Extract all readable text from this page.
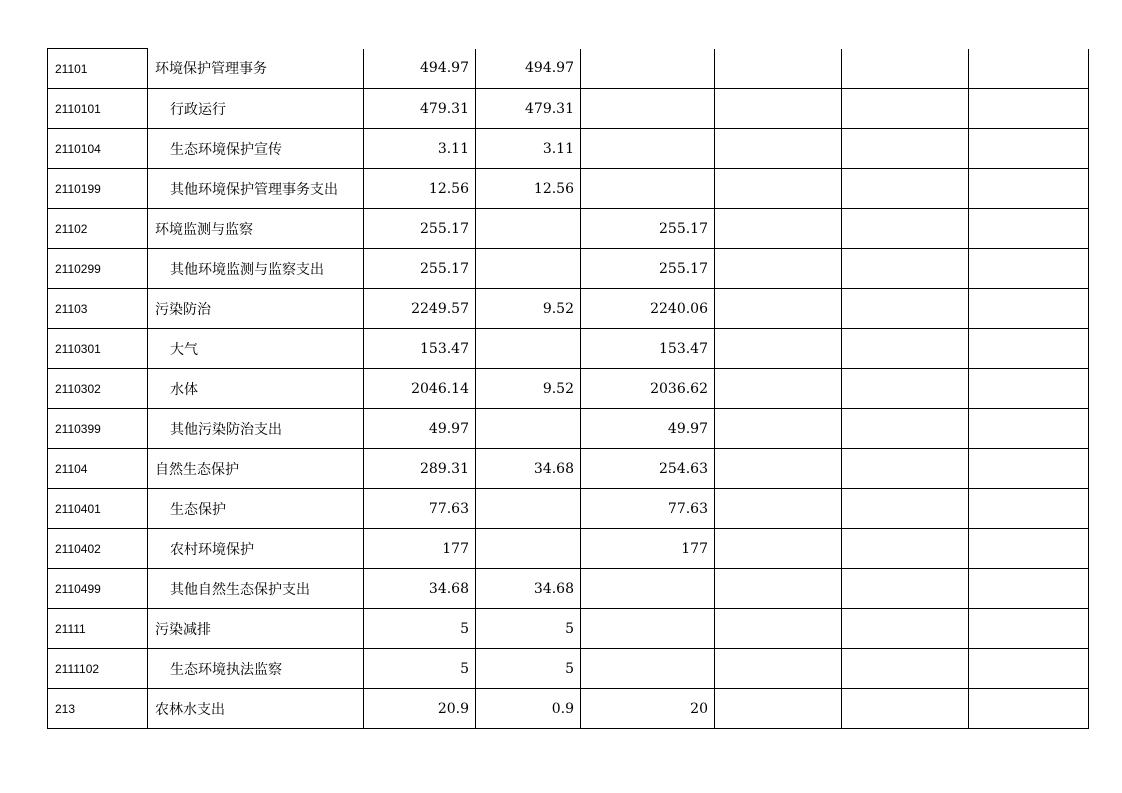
21101	环境保护管理事务	494.97	494.97				
2110101	行政运行	479.31	479.31				
2110104	生态环境保护宣传	3.11	3.11				
2110199	其他环境保护管理事务支出	12.56	12.56				
21102	环境监测与监察	255.17		255.17			
2110299	其他环境监测与监察支出	255.17		255.17			
21103	污染防治	2249.57	9.52	2240.06			
2110301	大气	153.47		153.47			
2110302	水体	2046.14	9.52	2036.62			
2110399	其他污染防治支出	49.97		49.97			
21104	自然生态保护	289.31	34.68	254.63			
2110401	生态保护	77.63		77.63			
2110402	农村环境保护	177		177			
2110499	其他自然生态保护支出	34.68	34.68				
21111	污染减排	5	5				
2111102	生态环境执法监察	5	5				
213	农林水支出	20.9	0.9	20			
